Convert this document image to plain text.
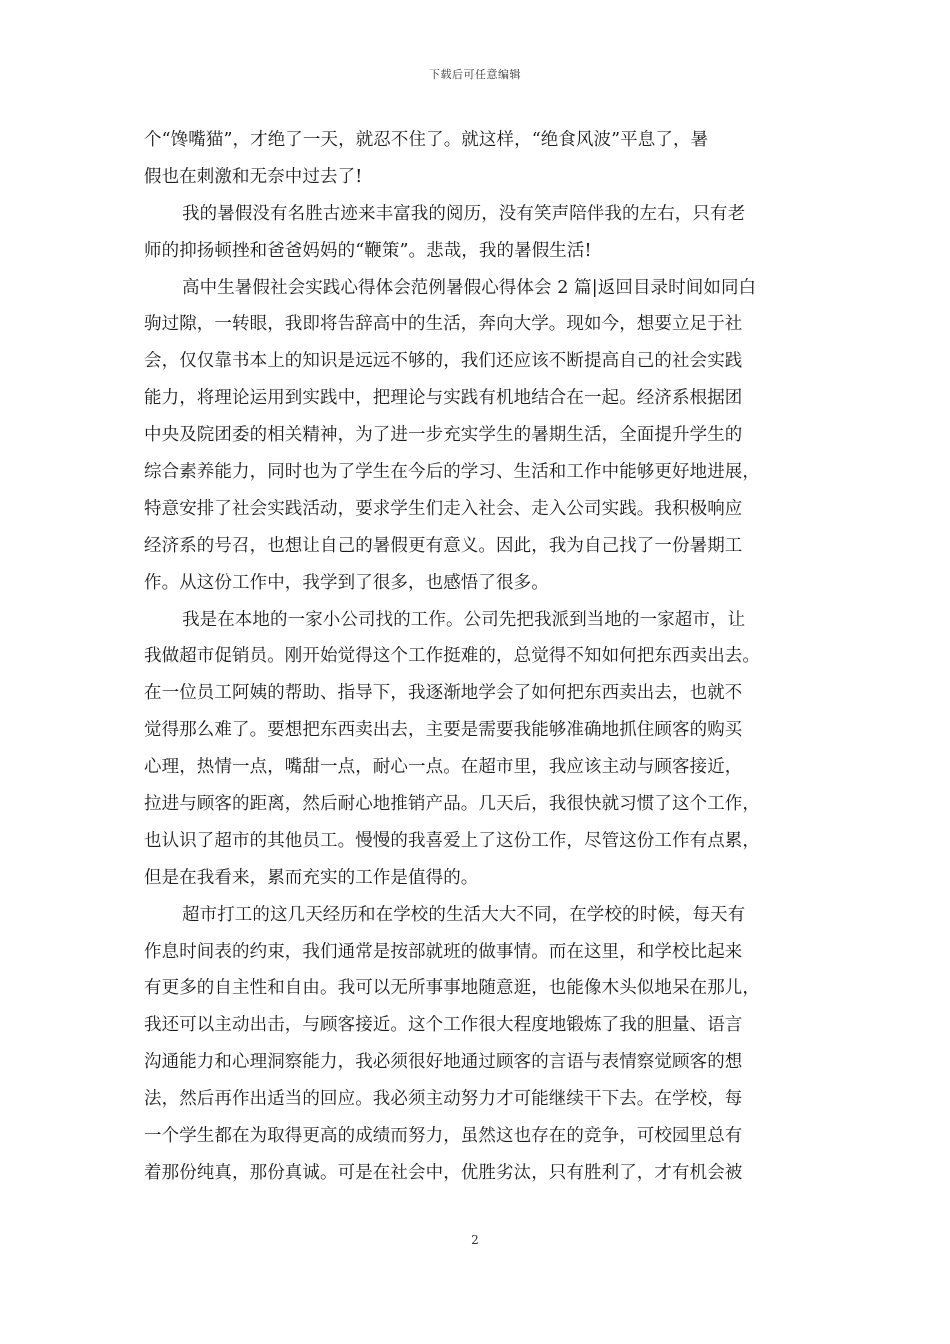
下载后可任意编辑
个“馋嘴猫”，才绝了一天，就忍不住了。就这样，“绝食风波”平息了，暑
假也在刺激和无奈中过去了!
我的暑假没有名胜古迹来丰富我的阅历，没有笑声陪伴我的左右，只有老
师的抑扬顿挫和爸爸妈妈的“鞭策”。悲哉，我的暑假生活!
高中生暑假社会实践心得体会范例暑假心得体会 2 篇|返回目录时间如同白
驹过隙，一转眼，我即将告辞高中的生活，奔向大学。现如今，想要立足于社
会，仅仅靠书本上的知识是远远不够的，我们还应该不断提高自己的社会实践
能力，将理论运用到实践中，把理论与实践有机地结合在一起。经济系根据团
中央及院团委的相关精神，为了进一步充实学生的暑期生活，全面提升学生的
综合素养能力，同时也为了学生在今后的学习、生活和工作中能够更好地进展，
特意安排了社会实践活动，要求学生们走入社会、走入公司实践。我积极响应
经济系的号召，也想让自己的暑假更有意义。因此，我为自己找了一份暑期工
作。从这份工作中，我学到了很多，也感悟了很多。
我是在本地的一家小公司找的工作。公司先把我派到当地的一家超市，让
我做超市促销员。刚开始觉得这个工作挺难的，总觉得不知如何把东西卖出去。
在一位员工阿姨的帮助、指导下，我逐渐地学会了如何把东西卖出去，也就不
觉得那么难了。要想把东西卖出去，主要是需要我能够准确地抓住顾客的购买
心理，热情一点，嘴甜一点，耐心一点。在超市里，我应该主动与顾客接近，
拉进与顾客的距离，然后耐心地推销产品。几天后，我很快就习惯了这个工作，
也认识了超市的其他员工。慢慢的我喜爱上了这份工作，尽管这份工作有点累，
但是在我看来，累而充实的工作是值得的。
超市打工的这几天经历和在学校的生活大大不同，在学校的时候，每天有
作息时间表的约束，我们通常是按部就班的做事情。而在这里，和学校比起来
有更多的自主性和自由。我可以无所事事地随意逛，也能像木头似地呆在那儿，
我还可以主动出击，与顾客接近。这个工作很大程度地锻炼了我的胆量、语言
沟通能力和心理洞察能力，我必须很好地通过顾客的言语与表情察觉顾客的想
法，然后再作出适当的回应。我必须主动努力才可能继续干下去。在学校，每
一个学生都在为取得更高的成绩而努力，虽然这也存在的竞争，可校园里总有
着那份纯真，那份真诚。可是在社会中，优胜劣汰，只有胜利了，才有机会被
2
